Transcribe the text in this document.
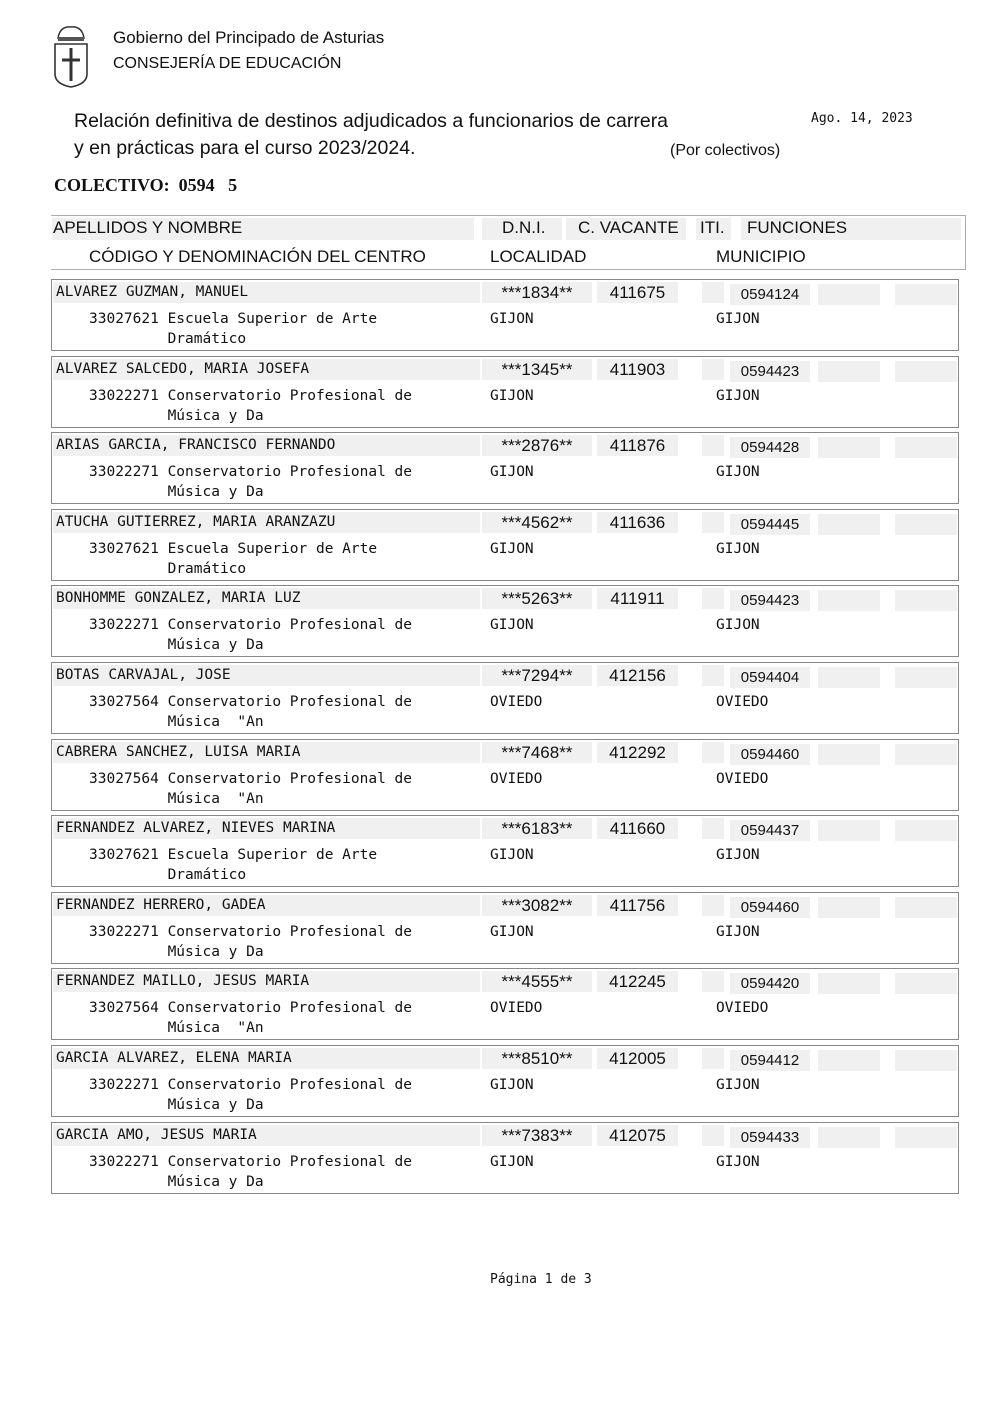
Gobierno del Principado de Asturias
CONSEJERÍA DE EDUCACIÓN
Relación definitiva de destinos adjudicados a funcionarios de carrera
y en prácticas para el curso 2023/2024.
Ago. 14, 2023
(Por colectivos)
COLECTIVO:  0594   5
APELLIDOS Y NOMBRE	D.N.I. C. VACANTE ITI. FUNCIONES
CÓDIGO Y DENOMINACIÓN DEL CENTRO	LOCALIDAD	MUNICIPIO
ALVAREZ GUZMAN, MANUEL	***1834**	411675	0594124
33027621 Escuela Superior de Arte
Dramático
GIJON	GIJON
ALVAREZ SALCEDO, MARIA JOSEFA	***1345**	411903	0594423
33022271 Conservatorio Profesional de
Música y Da
GIJON	GIJON
ARIAS GARCIA, FRANCISCO FERNANDO	***2876**	411876	0594428
33022271 Conservatorio Profesional de
Música y Da
GIJON	GIJON
ATUCHA GUTIERREZ, MARIA ARANZAZU	***4562**	411636	0594445
33027621 Escuela Superior de Arte
Dramático
GIJON	GIJON
BONHOMME GONZALEZ, MARIA LUZ	***5263**	411911	0594423
33022271 Conservatorio Profesional de
Música y Da
GIJON	GIJON
BOTAS CARVAJAL, JOSE	***7294**	412156	0594404
33027564 Conservatorio Profesional de
Música  "An
OVIEDO	OVIEDO
CABRERA SANCHEZ, LUISA MARIA	***7468**	412292	0594460
33027564 Conservatorio Profesional de
Música  "An
OVIEDO	OVIEDO
FERNANDEZ ALVAREZ, NIEVES MARINA	***6183**	411660	0594437
33027621 Escuela Superior de Arte
Dramático
GIJON	GIJON
FERNANDEZ HERRERO, GADEA	***3082**	411756	0594460
33022271 Conservatorio Profesional de
Música y Da
GIJON	GIJON
FERNANDEZ MAILLO, JESUS MARIA	***4555**	412245	0594420
33027564 Conservatorio Profesional de
Música  "An
OVIEDO	OVIEDO
GARCIA ALVAREZ, ELENA MARIA	***8510**	412005	0594412
33022271 Conservatorio Profesional de
Música y Da
GIJON	GIJON
GARCIA AMO, JESUS MARIA	***7383**	412075	0594433
33022271 Conservatorio Profesional de
Música y Da
GIJON	GIJON
Página 1 de 3
